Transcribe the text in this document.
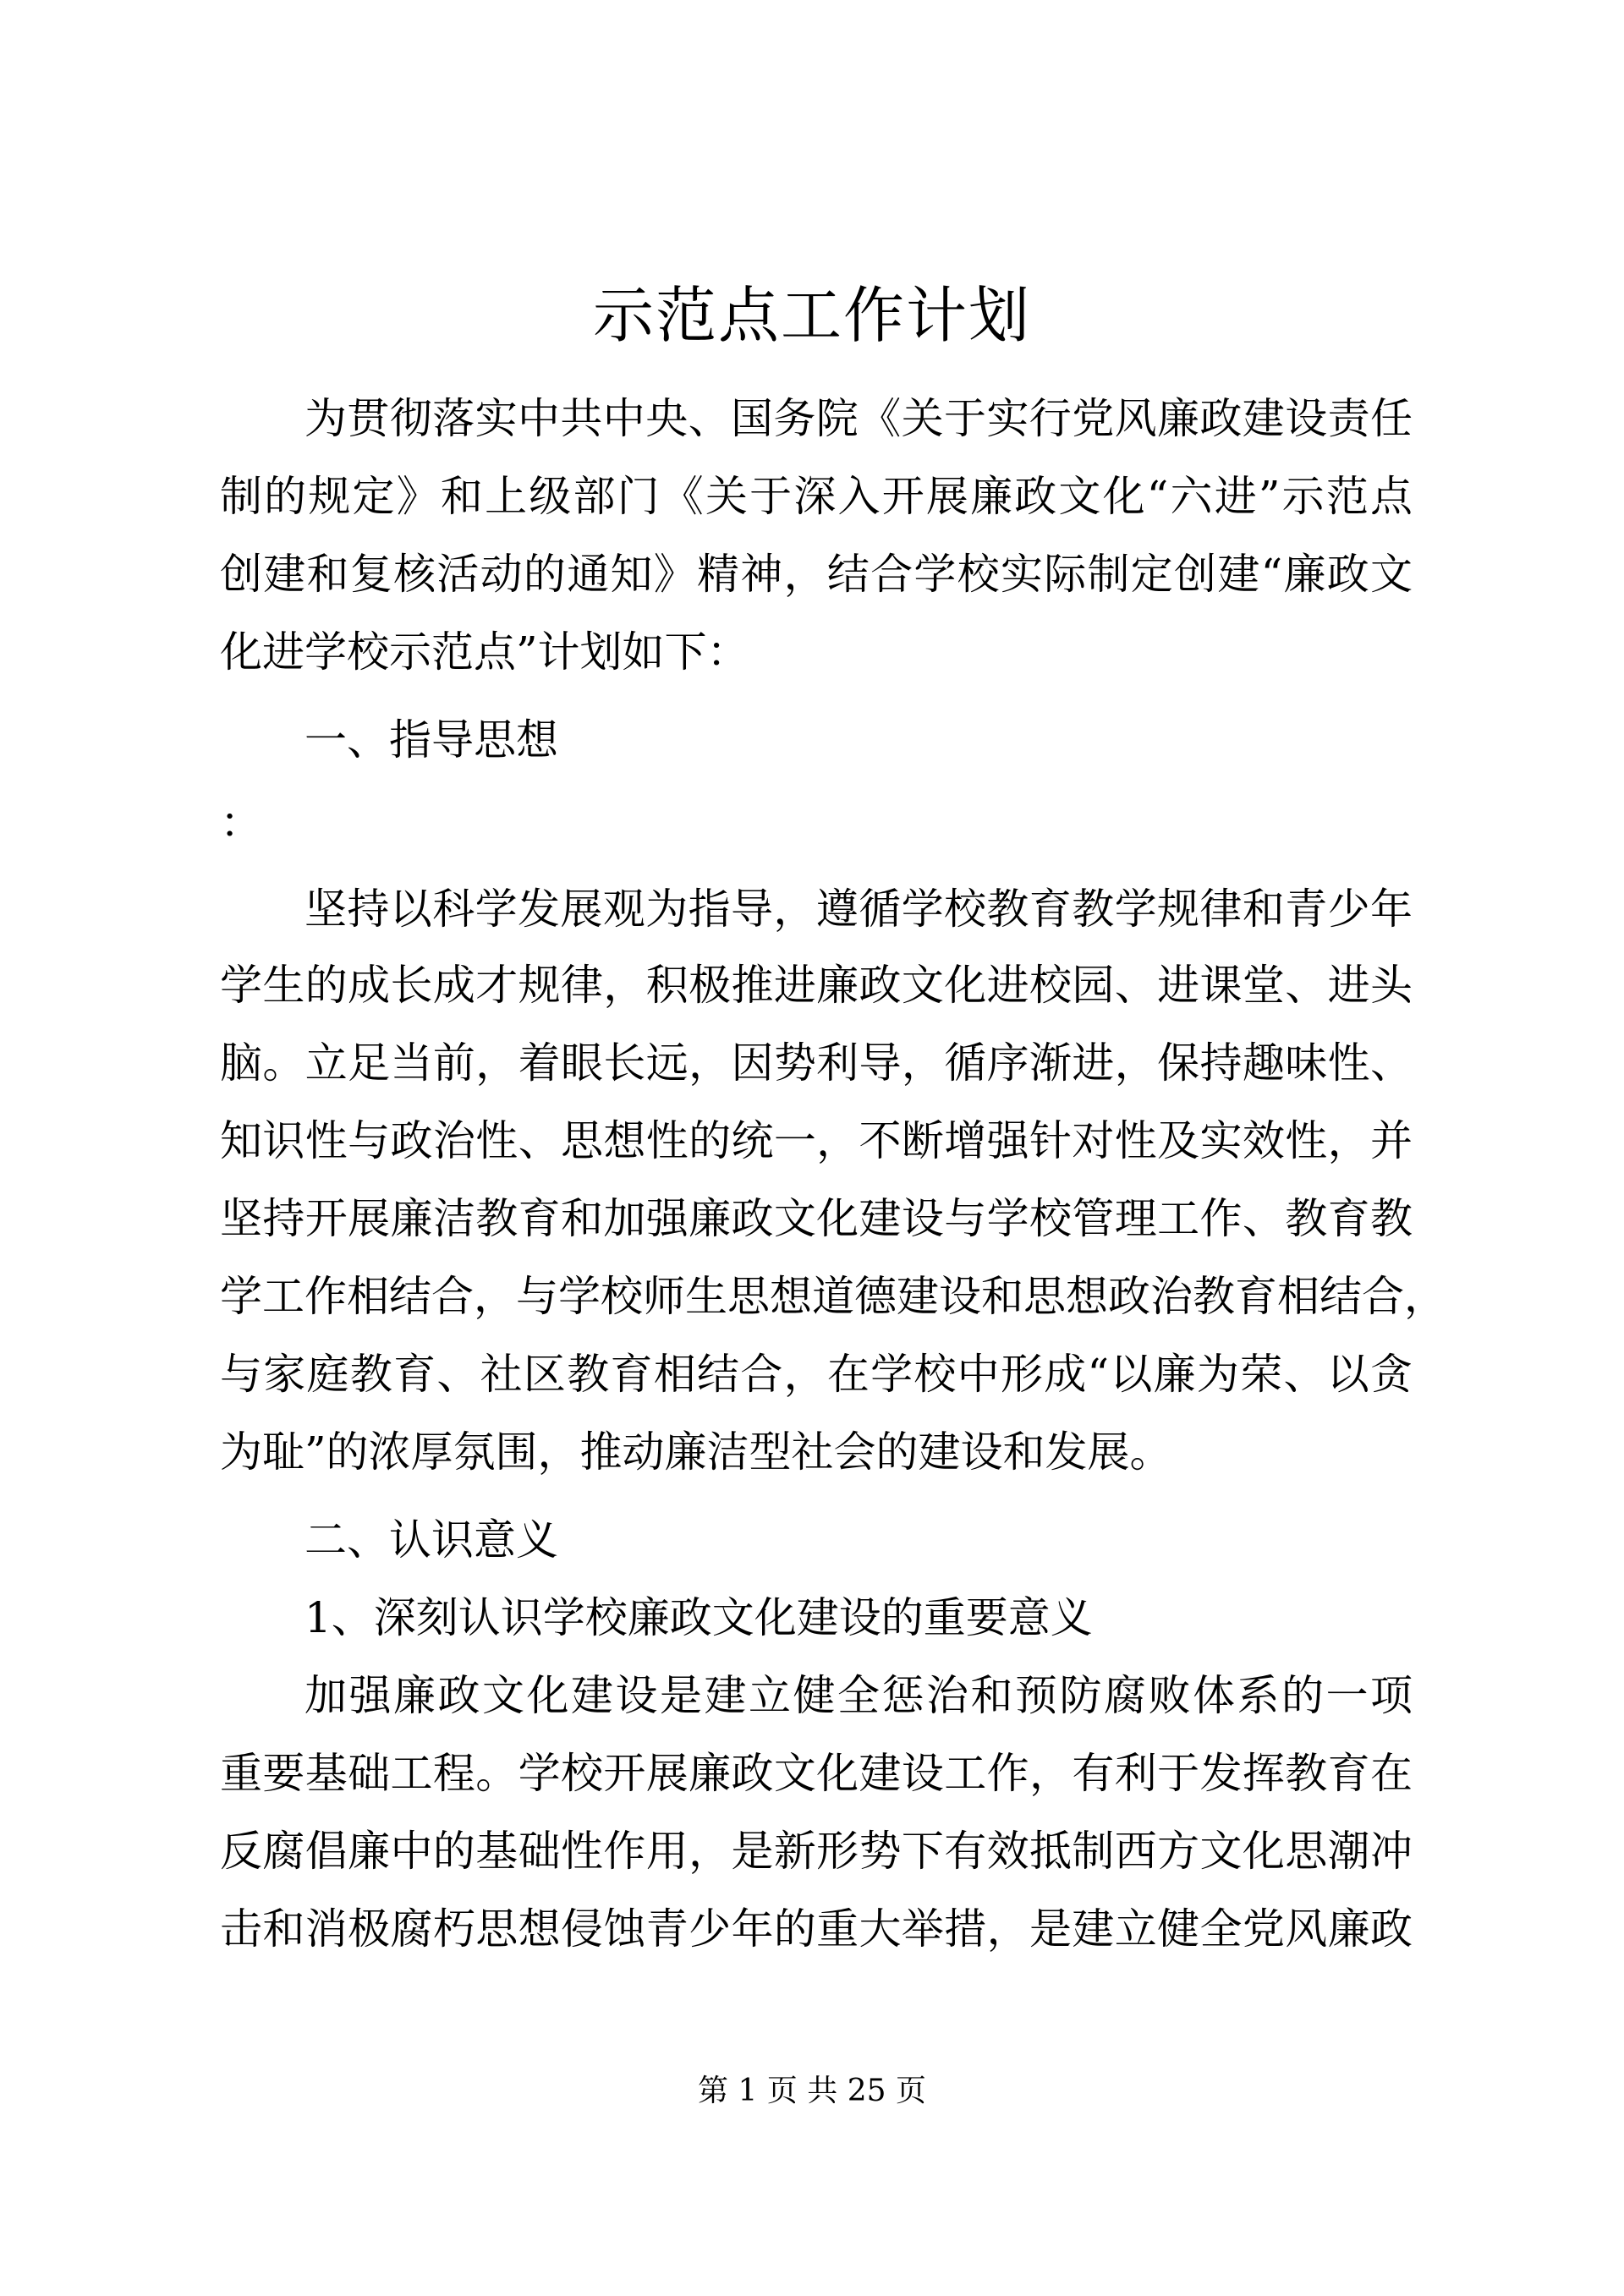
示范点工作计划
为贯彻落实中共中央、国务院《关于实行党风廉政建设责任
制的规定》和上级部门《关于深入开展廉政文化“六进”示范点
创建和复核活动的通知》精神，结合学校实际制定创建“廉政文
化进学校示范点”计划如下：
一、指导思想
：
坚持以科学发展观为指导，遵循学校教育教学规律和青少年
学生的成长成才规律，积极推进廉政文化进校园、进课堂、进头
脑。立足当前，着眼长远，因势利导，循序渐进，保持趣味性、
知识性与政治性、思想性的统一，不断增强针对性及实效性，并
坚持开展廉洁教育和加强廉政文化建设与学校管理工作、教育教
学工作相结合，与学校师生思想道德建设和思想政治教育相结合，
与家庭教育、社区教育相结合，在学校中形成“以廉为荣、以贪
为耻”的浓厚氛围，推动廉洁型社会的建设和发展。
二、认识意义
1、深刻认识学校廉政文化建设的重要意义
加强廉政文化建设是建立健全惩治和预防腐败体系的一项
重要基础工程。学校开展廉政文化建设工作，有利于发挥教育在
反腐倡廉中的基础性作用，是新形势下有效抵制西方文化思潮冲
击和消极腐朽思想侵蚀青少年的重大举措，是建立健全党风廉政
第 1 页 共 25 页
